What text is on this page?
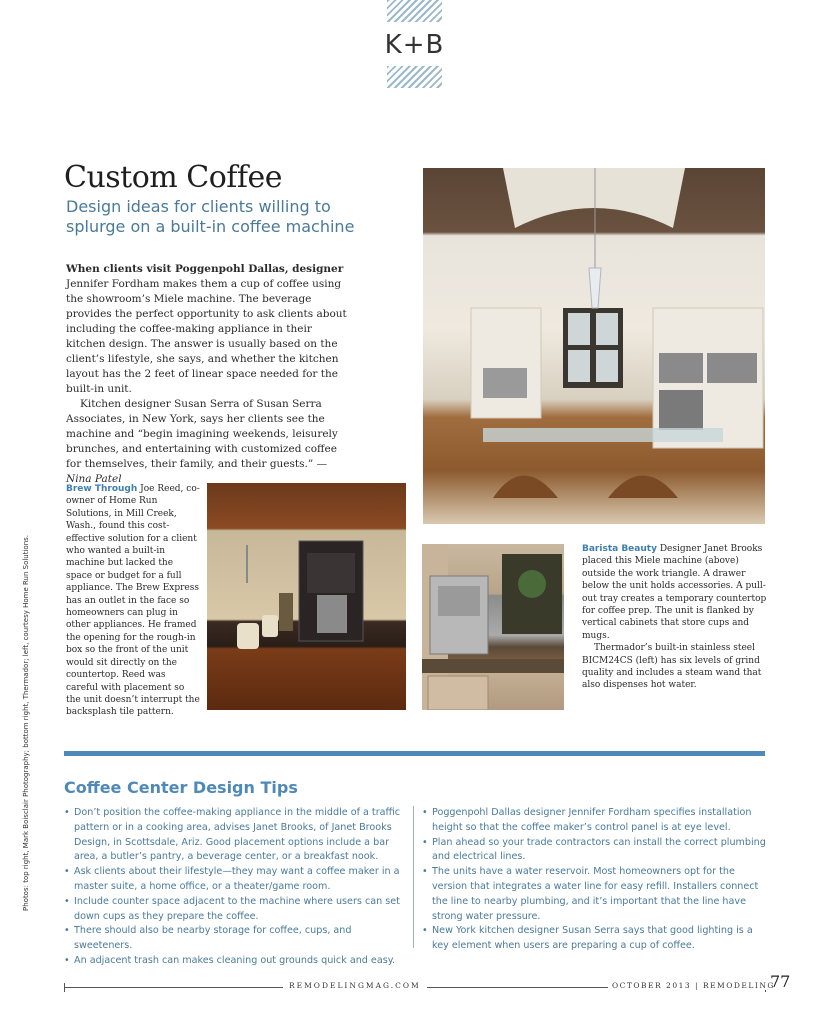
K+B
Custom Coffee
Design ideas for clients willing to splurge on a built-in coffee machine

When clients visit Poggenpohl Dallas, designer Jennifer Fordham makes them a cup of coffee using the showroom’s Miele machine. The beverage provides the perfect opportunity to ask clients about including the coffee-making appliance in their kitchen design. The answer is usually based on the client’s lifestyle, she says, and whether the kitchen layout has the 2 feet of linear space needed for the built-in unit.

Kitchen designer Susan Serra of Susan Serra Associates, in New York, says her clients see the machine and “begin imagining weekends, leisurely brunches, and entertaining with customized coffee for themselves, their family, and their guests.” —Nina Patel

Brew Through Joe Reed, co-owner of Home Run Solutions, in Mill Creek, Wash., found this cost-effective solution for a client who wanted a built-in machine but lacked the space or budget for a full appliance. The Brew Express has an outlet in the face so homeowners can plug in other appliances. He framed the opening for the rough-in box so the front of the unit would sit directly on the countertop. Reed was careful with placement so the unit doesn’t interrupt the backsplash tile pattern.

Barista Beauty Designer Janet Brooks placed this Miele machine (above) outside the work triangle. A drawer below the unit holds accessories. A pull-out tray creates a temporary countertop for coffee prep. The unit is flanked by vertical cabinets that store cups and mugs.

Thermador’s built-in stainless steel BICM24CS (left) has six levels of grind quality and includes a steam wand that also dispenses hot water.

Photos: top right, Mark Boisclair Photography; bottom right, Thermador; left, courtesy Home Run Solutions. Coffee Center Design Tips
• Don’t position the coffee-making appliance in the middle of a traffic pattern or in a cooking area, advises Janet Brooks, of Janet Brooks Design, in Scottsdale, Ariz. Good placement options include a bar area, a butler’s pantry, a beverage center, or a breakfast nook.
• Ask clients about their lifestyle—they may want a coffee maker in a master suite, a home office, or a theater/game room.
• Include counter space adjacent to the machine where users can set down cups as they prepare the coffee.
• There should also be nearby storage for coffee, cups, and sweeteners.
• An adjacent trash can makes cleaning out grounds quick and easy.
• Poggenpohl Dallas designer Jennifer Fordham specifies installation height so that the coffee maker’s control panel is at eye level.
• Plan ahead so your trade contractors can install the correct plumbing and electrical lines.
• The units have a water reservoir. Most homeowners opt for the version that integrates a water line for easy refill. Installers connect the line to nearby plumbing, and it’s important that the line have strong water pressure.
• New York kitchen designer Susan Serra says that good lighting is a key element when users are preparing a cup of coffee.
REMODELINGMAG.COM	OCTOBER 2013 | REMODELING
77
